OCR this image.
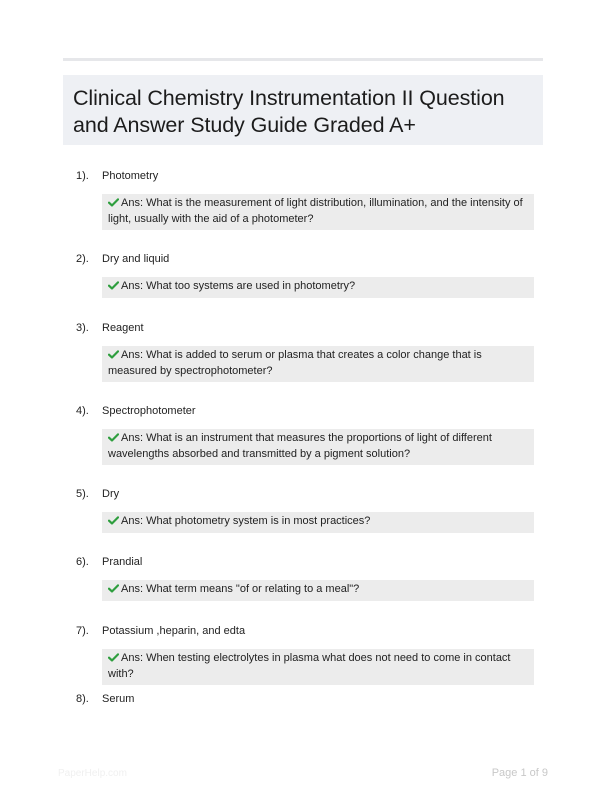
Clinical Chemistry Instrumentation II Question and Answer Study Guide Graded A+
1). Photometry
Ans: What is the measurement of light distribution, illumination, and the intensity of light, usually with the aid of a photometer?
2). Dry and liquid
Ans: What too systems are used in photometry?
3). Reagent
Ans: What is added to serum or plasma that creates a color change that is measured by spectrophotometer?
4). Spectrophotometer
Ans: What is an instrument that measures the proportions of light of different wavelengths absorbed and transmitted by a pigment solution?
5). Dry
Ans: What photometry system is in most practices?
6). Prandial
Ans: What term means "of or relating to a meal"?
7). Potassium ,heparin, and edta
Ans: When testing electrolytes in plasma what does not need to come in contact with?
8). Serum
PaperHelp.com	Page 1 of 9
